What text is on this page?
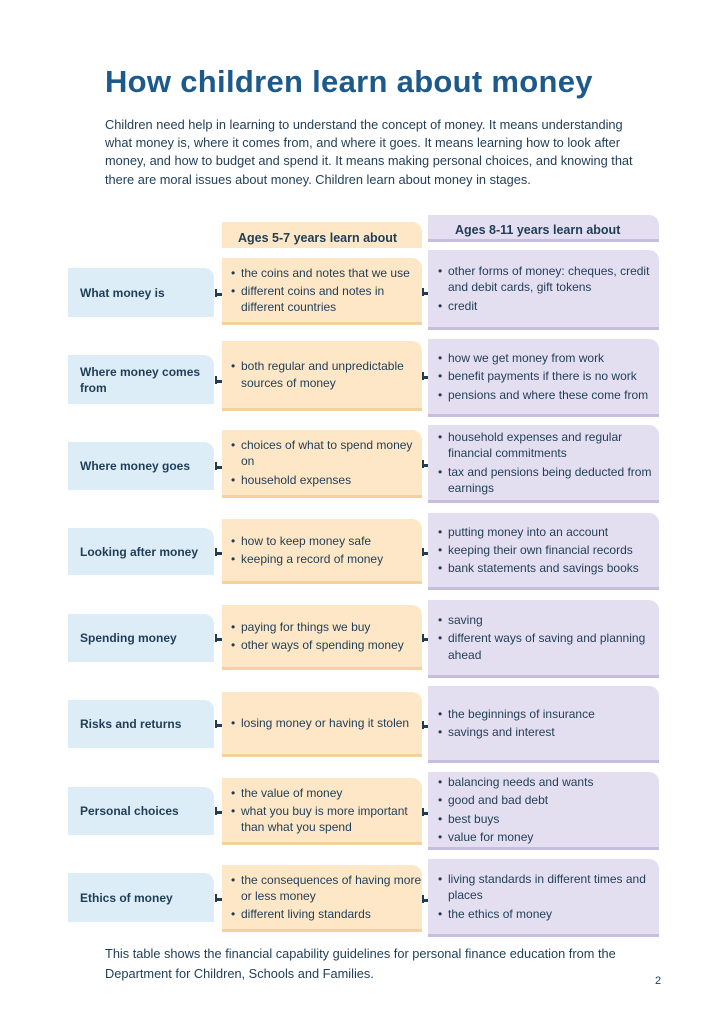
How children learn about money
Children need help in learning to understand the concept of money. It means understanding what money is, where it comes from, and where it goes. It means learning how to look after money, and how to budget and spend it. It means making personal choices, and knowing that there are moral issues about money. Children learn about money in stages.
Ages 5-7 years learn about
Ages 8-11 years learn about
What money is
• the coins and notes that we use
• different coins and notes in different countries
• other forms of money: cheques, credit and debit cards, gift tokens
• credit
Where money comes from
• both regular and unpredictable sources of money
• how we get money from work
• benefit payments if there is no work
• pensions and where these come from
Where money goes
• choices of what to spend money on
• household expenses
• household expenses and regular financial commitments
• tax and pensions being deducted from earnings
Looking after money
• how to keep money safe
• keeping a record of money
• putting money into an account
• keeping their own financial records
• bank statements and savings books
Spending money
• paying for things we buy
• other ways of spending money
• saving
• different ways of saving and planning ahead
Risks and returns
•	losing money or having it stolen
• the beginnings of insurance
• savings and interest
Personal choices
• the value of money
• what you buy is more important than what you spend
• balancing needs and wants
• good and bad debt
• best buys
• value for money
Ethics of money
• the consequences of having more or less money
• different living standards
• living standards in different times and places
• the ethics of money
This table shows the financial capability guidelines for personal finance education from the Department for Children, Schools and Families.	2
